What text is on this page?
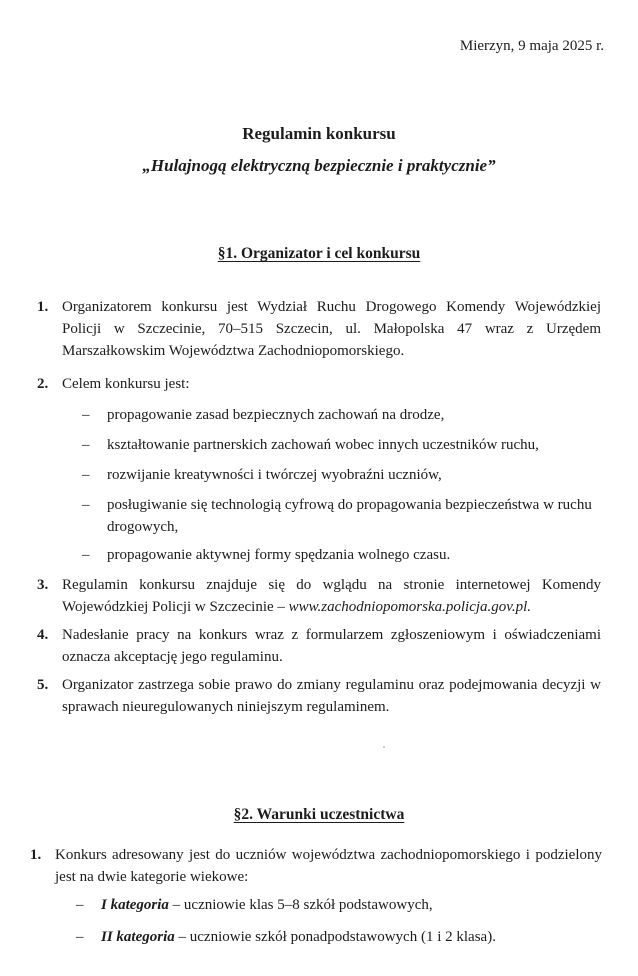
Mierzyn, 9 maja 2025 r.
Regulamin konkursu
„Hulajnogą elektryczną bezpiecznie i praktycznie”
§1. Organizator i cel konkursu
1. Organizatorem konkursu jest Wydział Ruchu Drogowego Komendy Wojewódzkiej Policji w Szczecinie, 70–515 Szczecin, ul. Małopolska 47 wraz z Urzędem Marszałkowskim Województwa Zachodniopomorskiego.
2. Celem konkursu jest:
– propagowanie zasad bezpiecznych zachowań na drodze,
– kształtowanie partnerskich zachowań wobec innych uczestników ruchu,
– rozwijanie kreatywności i twórczej wyobraźni uczniów,
– posługiwanie się technologią cyfrową do propagowania bezpieczeństwa w ruchu drogowych,
– propagowanie aktywnej formy spędzania wolnego czasu.
3. Regulamin konkursu znajduje się do wglądu na stronie internetowej Komendy Wojewódzkiej Policji w Szczecinie – www.zachodniopomorska.policja.gov.pl.
4. Nadesłanie pracy na konkurs wraz z formularzem zgłoszeniowym i oświadczeniami oznacza akceptację jego regulaminu.
5. Organizator zastrzega sobie prawo do zmiany regulaminu oraz podejmowania decyzji w sprawach nieuregulowanych niniejszym regulaminem.
§2. Warunki uczestnictwa
1. Konkurs adresowany jest do uczniów województwa zachodniopomorskiego i podzielony jest na dwie kategorie wiekowe:
– I kategoria – uczniowie klas 5–8 szkół podstawowych,
– II kategoria – uczniowie szkół ponadpodstawowych (1 i 2 klasa).
